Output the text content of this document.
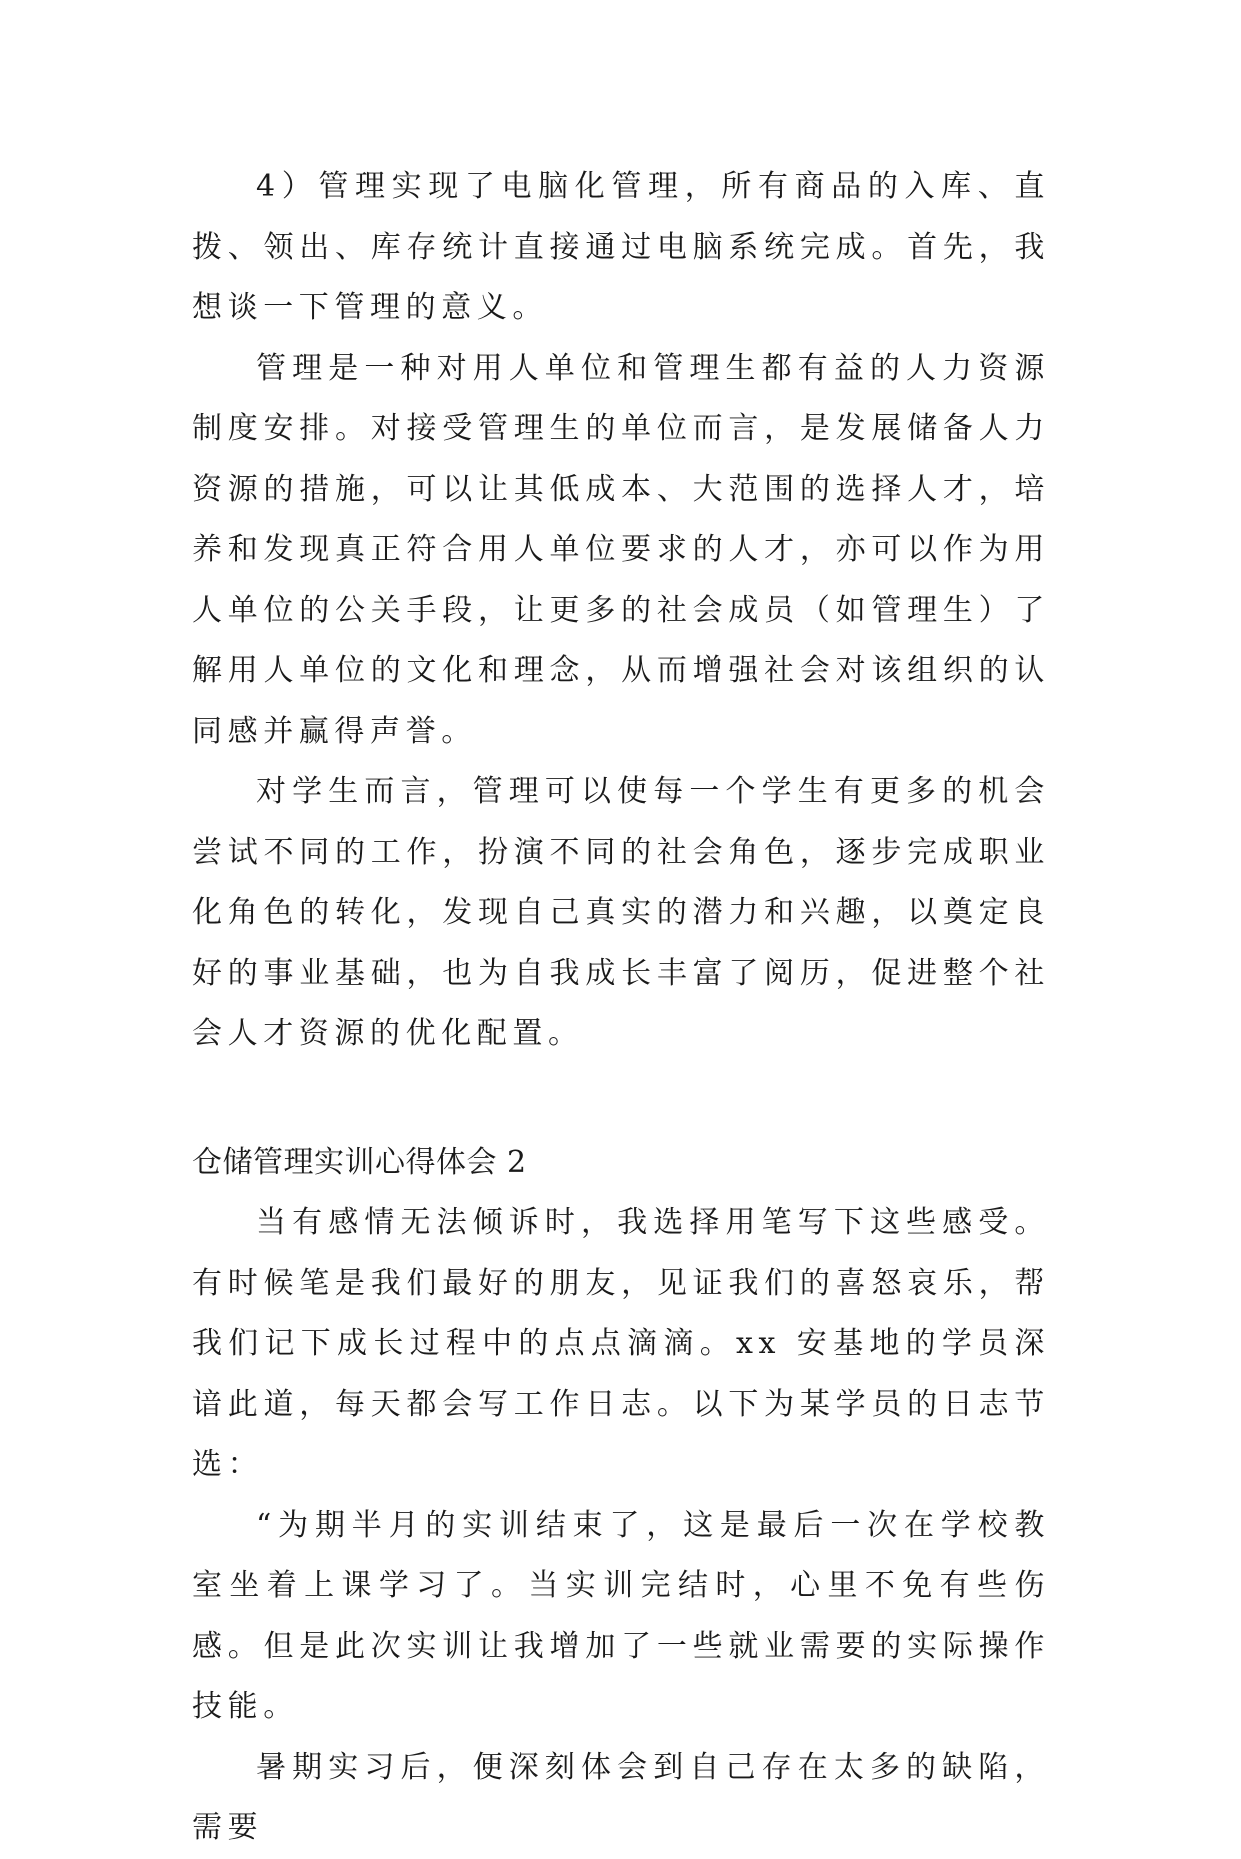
4）管理实现了电脑化管理，所有商品的入库、直拨、领出、库存统计直接通过电脑系统完成。首先，我想谈一下管理的意义。

管理是一种对用人单位和管理生都有益的人力资源制度安排。对接受管理生的单位而言，是发展储备人力资源的措施，可以让其低成本、大范围的选择人才，培养和发现真正符合用人单位要求的人才，亦可以作为用人单位的公关手段，让更多的社会成员（如管理生）了解用人单位的文化和理念，从而增强社会对该组织的认同感并赢得声誉。

对学生而言，管理可以使每一个学生有更多的机会尝试不同的工作，扮演不同的社会角色，逐步完成职业化角色的转化，发现自己真实的潜力和兴趣，以奠定良好的事业基础，也为自我成长丰富了阅历，促进整个社会人才资源的优化配置。

仓储管理实训心得体会 2

当有感情无法倾诉时，我选择用笔写下这些感受。有时候笔是我们最好的朋友，见证我们的喜怒哀乐，帮我们记下成长过程中的点点滴滴。xx 安基地的学员深谙此道，每天都会写工作日志。以下为某学员的日志节选：

“为期半月的实训结束了，这是最后一次在学校教室坐着上课学习了。当实训完结时，心里不免有些伤感。但是此次实训让我增加了一些就业需要的实际操作技能。

暑期实习后，便深刻体会到自己存在太多的缺陷，需要
